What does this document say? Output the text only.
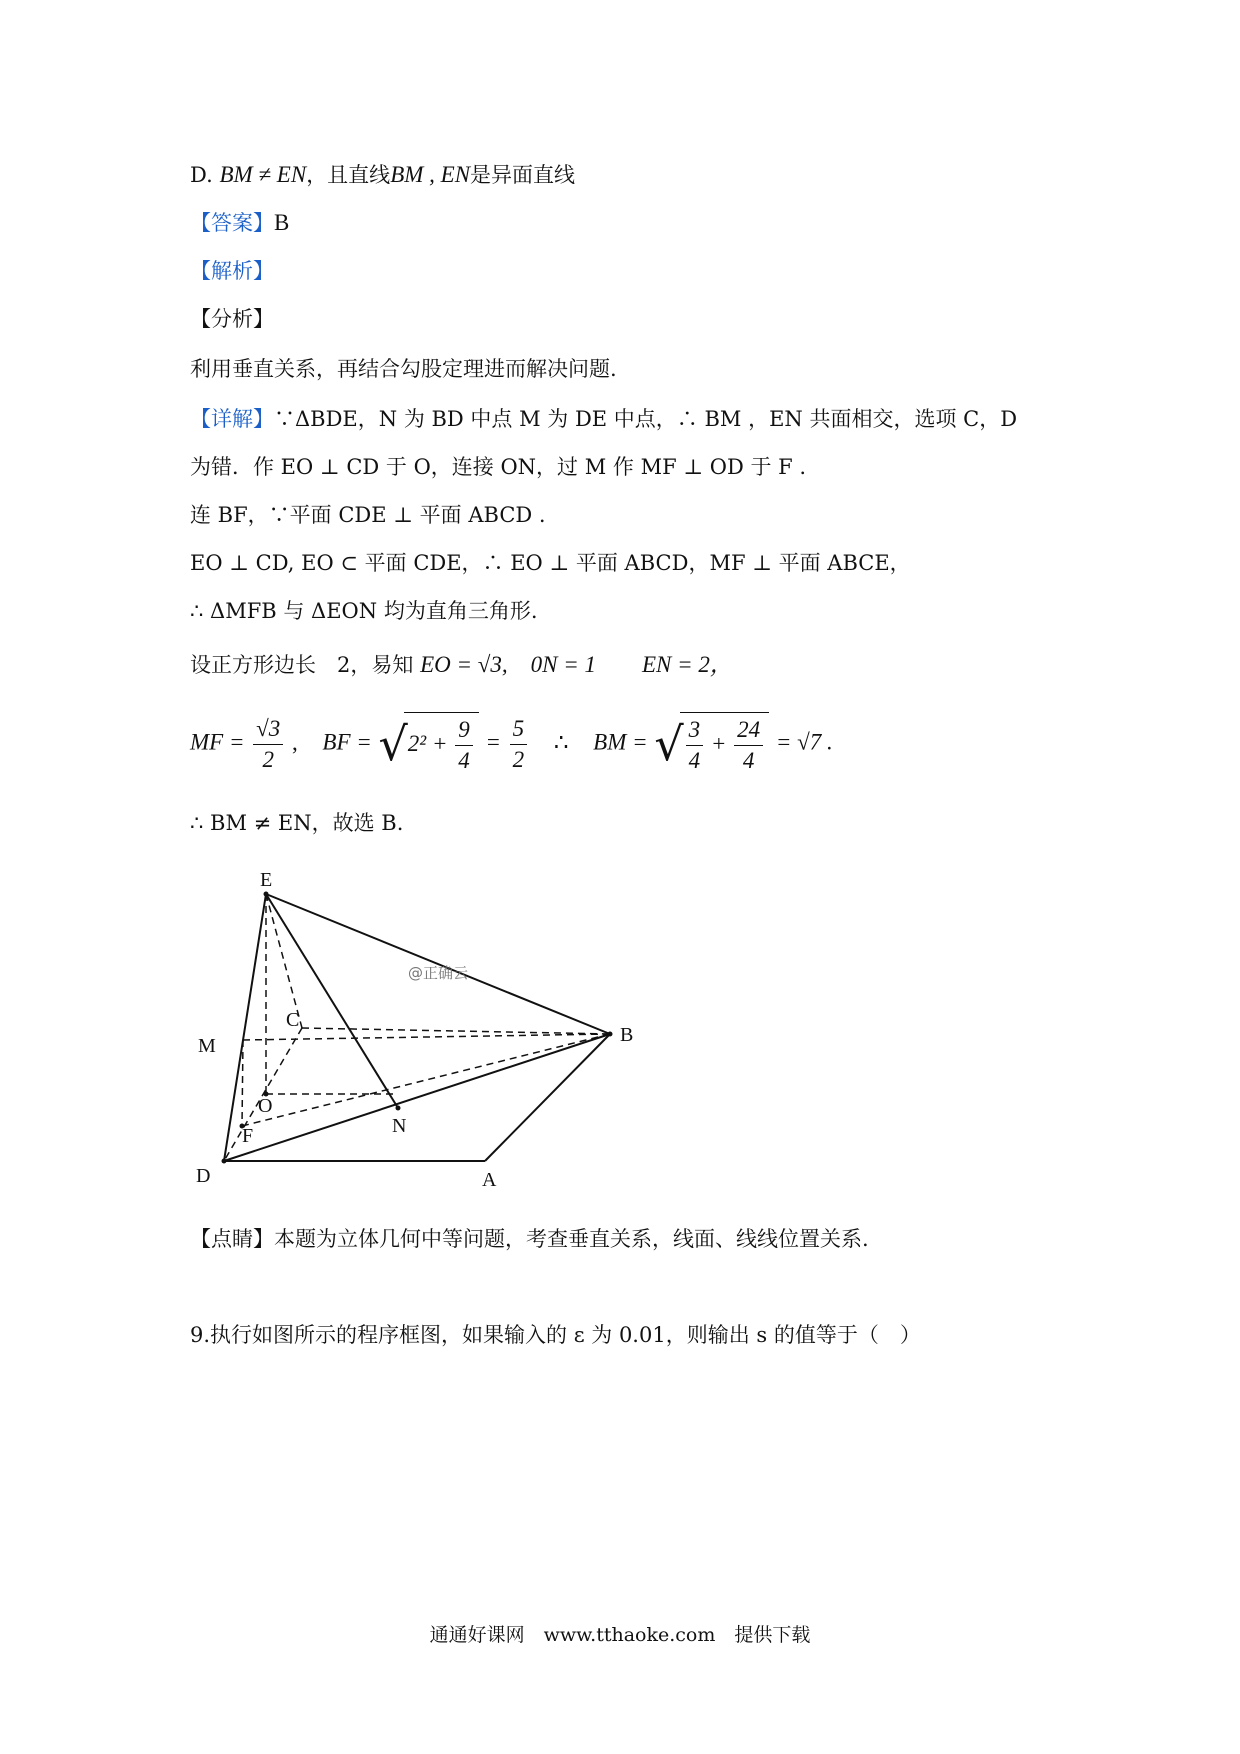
D. BM ≠ EN，且直线BM , EN是异面直线
【答案】B
【解析】
【分析】
利用垂直关系，再结合勾股定理进而解决问题.
【详解】∵ΔBDE，N 为 BD 中点 M 为 DE 中点，∴ BM ，EN 共面相交，选项 C，D
为错．作 EO ⊥ CD 于 O，连接 ON，过 M 作 MF ⊥ OD 于 F .
连 BF，∵平面 CDE ⊥ 平面 ABCD .
EO ⊥ CD, EO ⊂ 平面 CDE，∴ EO ⊥ 平面 ABCD，MF ⊥ 平面 ABCE，
∴ ΔMFB 与 ΔEON 均为直角三角形.
设正方形边长　2，易知 EO = √3,　0N = 1　　EN = 2，
MF = $\frac{√3}{2}$ , BF = $√2^2 + \frac{9}{4} = \frac{5}{2}$ ∴ BM = √ $\frac{3}{4} + \frac{24}{4} = √7$ .
∴ BM ≠ EN，故选 B.
E
C
M	B
O
N
F
D	A
@正确云
【点睛】本题为立体几何中等问题，考查垂直关系，线面、线线位置关系.
9.执行如图所示的程序框图，如果输入的 ε 为 0.01，则输出 s 的值等于（　）
通通好课网　www.tthaoke.com　提供下载
